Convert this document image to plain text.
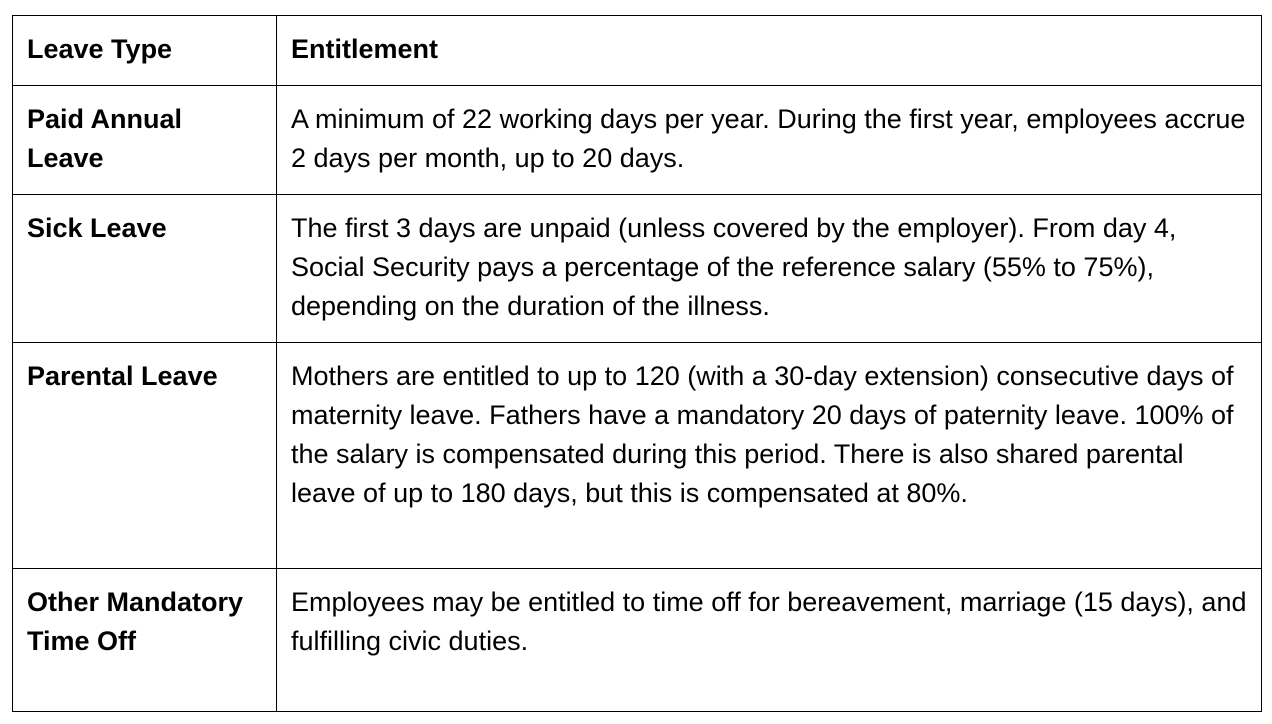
Leave Type	Entitlement
Paid Annual Leave	A minimum of 22 working days per year. During the first year, employees accrue 2 days per month, up to 20 days.
Sick Leave	The first 3 days are unpaid (unless covered by the employer). From day 4, Social Security pays a percentage of the reference salary (55% to 75%), depending on the duration of the illness.
Parental Leave	Mothers are entitled to up to 120 (with a 30-day extension) consecutive days of maternity leave. Fathers have a mandatory 20 days of paternity leave. 100% of the salary is compensated during this period. There is also shared parental leave of up to 180 days, but this is compensated at 80%.
Other Mandatory Time Off	Employees may be entitled to time off for bereavement, marriage (15 days), and fulfilling civic duties.
